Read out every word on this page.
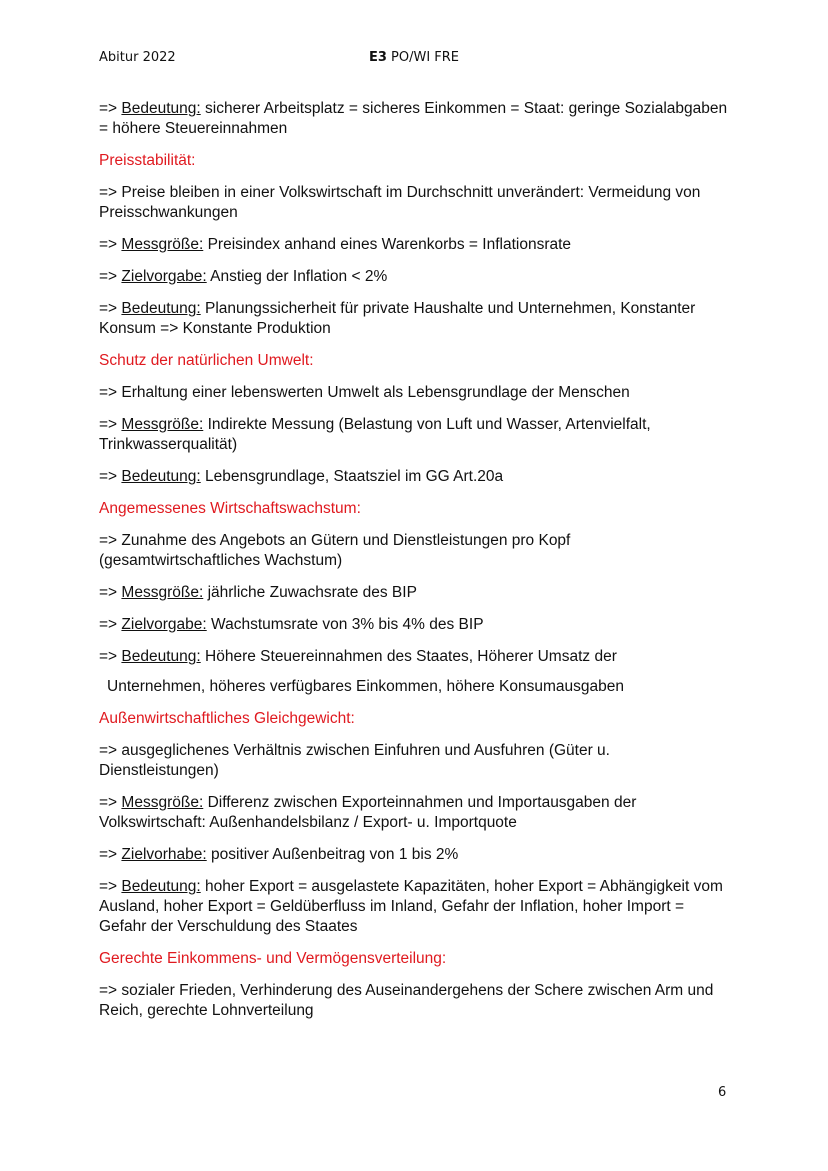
Abitur 2022	E3 PO/WI FRE
=> Bedeutung: sicherer Arbeitsplatz = sicheres Einkommen = Staat: geringe Sozialabgaben = höhere Steuereinnahmen
Preisstabilität:
=> Preise bleiben in einer Volkswirtschaft im Durchschnitt unverändert: Vermeidung von Preisschwankungen
=> Messgröße: Preisindex anhand eines Warenkorbs = Inflationsrate
=> Zielvorgabe: Anstieg der Inflation < 2%
=> Bedeutung: Planungssicherheit für private Haushalte und Unternehmen, Konstanter Konsum => Konstante Produktion
Schutz der natürlichen Umwelt:
=> Erhaltung einer lebenswerten Umwelt als Lebensgrundlage der Menschen
=> Messgröße: Indirekte Messung (Belastung von Luft und Wasser, Artenvielfalt, Trinkwasserqualität)
=> Bedeutung: Lebensgrundlage, Staatsziel im GG Art.20a
Angemessenes Wirtschaftswachstum:
=> Zunahme des Angebots an Gütern und Dienstleistungen pro Kopf (gesamtwirtschaftliches Wachstum)
=> Messgröße: jährliche Zuwachsrate des BIP
=> Zielvorgabe: Wachstumsrate von 3% bis 4% des BIP
=> Bedeutung: Höhere Steuereinnahmen des Staates, Höherer Umsatz der
Unternehmen, höheres verfügbares Einkommen, höhere Konsumausgaben
Außenwirtschaftliches Gleichgewicht:
=> ausgeglichenes Verhältnis zwischen Einfuhren und Ausfuhren (Güter u. Dienstleistungen)
=> Messgröße: Differenz zwischen Exporteinnahmen und Importausgaben der Volkswirtschaft: Außenhandelsbilanz / Export- u. Importquote
=> Zielvorhabe: positiver Außenbeitrag von 1 bis 2%
=> Bedeutung: hoher Export = ausgelastete Kapazitäten, hoher Export = Abhängigkeit vom Ausland, hoher Export = Geldüberfluss im Inland, Gefahr der Inflation, hoher Import = Gefahr der Verschuldung des Staates
Gerechte Einkommens- und Vermögensverteilung:
=> sozialer Frieden, Verhinderung des Auseinandergehens der Schere zwischen Arm und Reich, gerechte Lohnverteilung
6
